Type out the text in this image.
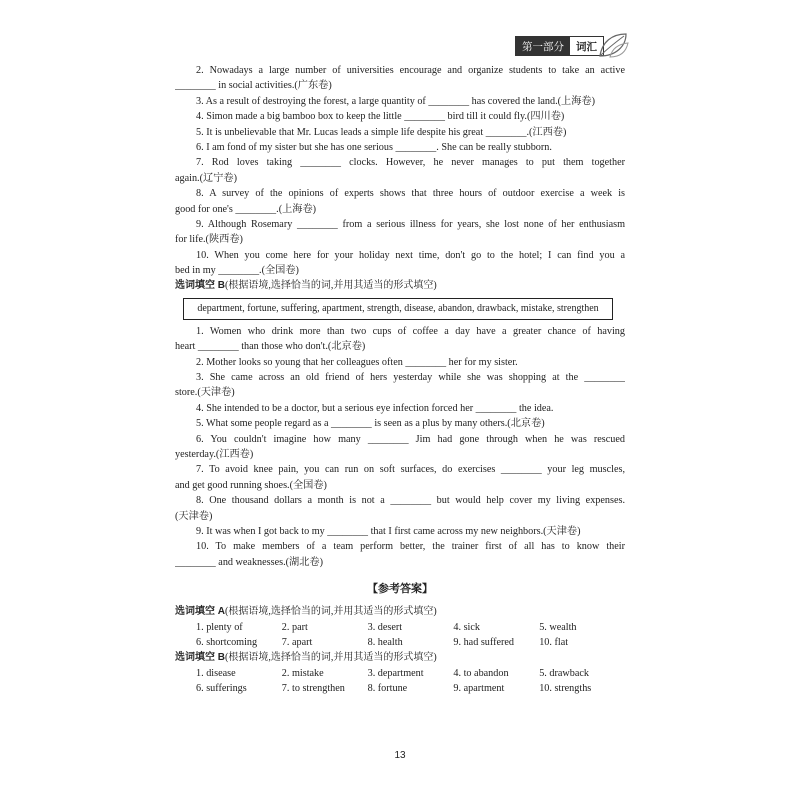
第一部分	词汇
2. Nowadays a large number of universities encourage and organize students to take an active
________ in social activities.(广东卷)
3. As a result of destroying the forest, a large quantity of ________ has covered the land.(上海卷)
4. Simon made a big bamboo box to keep the little ________ bird till it could fly.(四川卷)
5. It is unbelievable that Mr. Lucas leads a simple life despite his great ________.(江西卷)
6. I am fond of my sister but she has one serious ________. She can be really stubborn.
7. Rod loves taking ________ clocks. However, he never manages to put them together
again.(辽宁卷)
8. A survey of the opinions of experts shows that three hours of outdoor exercise a week is
good for one's ________.(上海卷)
9. Although Rosemary ________ from a serious illness for years, she lost none of her enthusiasm
for life.(陕西卷)
10. When you come here for your holiday next time, don't go to the hotel; I can find you a
bed in my ________.(全国卷)
选词填空 B(根据语境,选择恰当的词,并用其适当的形式填空)
department, fortune, suffering, apartment, strength, disease, abandon, drawback, mistake, strengthen
1. Women who drink more than two cups of coffee a day have a greater chance of having
heart ________ than those who don't.(北京卷)
2. Mother looks so young that her colleagues often ________ her for my sister.
3. She came across an old friend of hers yesterday while she was shopping at the ________
store.(天津卷)
4. She intended to be a doctor, but a serious eye infection forced her ________ the idea.
5. What some people regard as a ________ is seen as a plus by many others.(北京卷)
6. You couldn't imagine how many ________ Jim had gone through when he was rescued
yesterday.(江西卷)
7. To avoid knee pain, you can run on soft surfaces, do exercises ________ your leg muscles,
and get good running shoes.(全国卷)
8. One thousand dollars a month is not a ________ but would help cover my living expenses.
(天津卷)
9. It was when I got back to my ________ that I first came across my new neighbors.(天津卷)
10. To make members of a team perform better, the trainer first of all has to know their
________ and weaknesses.(湖北卷)
【参考答案】
选词填空 A(根据语境,选择恰当的词,并用其适当的形式填空)
1. plenty of	2. part	3. desert	4. sick	5. wealth
6. shortcoming	7. apart	8. health	9. had suffered	10. flat
选词填空 B(根据语境,选择恰当的词,并用其适当的形式填空)
1. disease	2. mistake	3. department	4. to abandon	5. drawback
6. sufferings	7. to strengthen	8. fortune	9. apartment	10. strengths
13
